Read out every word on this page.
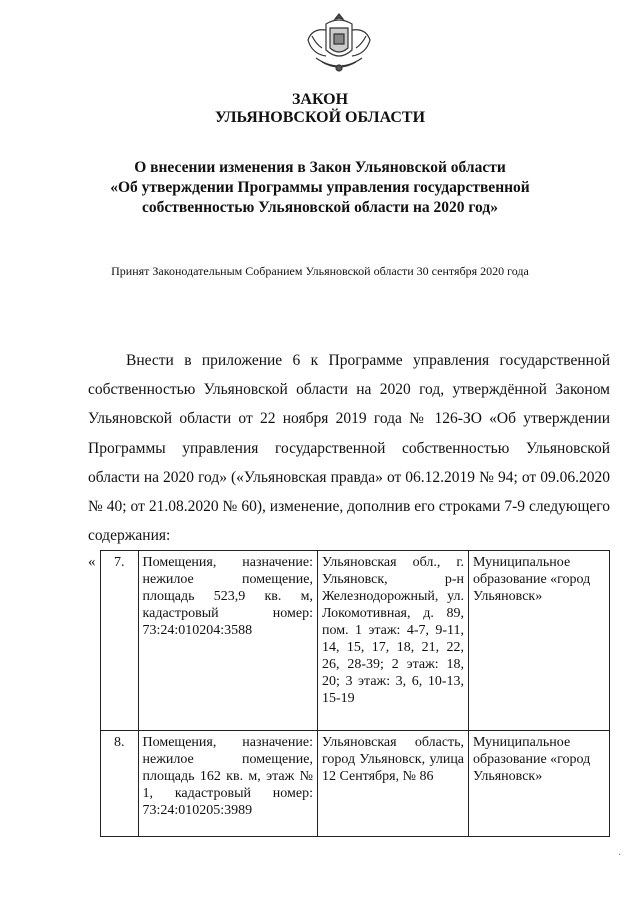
ЗАКОН
УЛЬЯНОВСКОЙ ОБЛАСТИ
О внесении изменения в Закон Ульяновской области
«Об утверждении Программы управления государственной
собственностью Ульяновской области на 2020 год»
Принят Законодательным Собранием Ульяновской области 30 сентября 2020 года
Внести в приложение 6 к Программе управления государственной собственностью Ульяновской области на 2020 год, утверждённой Законом Ульяновской области от 22 ноября 2019 года № 126-ЗО «Об утверждении Программы управления государственной собственностью Ульяновской области на 2020 год» («Ульяновская правда» от 06.12.2019 № 94; от 09.06.2020 № 40; от 21.08.2020 № 60), изменение, дополнив его строками 7-9 следующего содержания:
« 7.	Помещения, назначение: нежилое помещение, площадь 523,9 кв. м, кадастровый номер: 73:24:010204:3588	Ульяновская обл., г. Ульяновск, р-н Железнодорожный, ул. Локомотивная, д. 89, пом. 1 этаж: 4-7, 9-11, 14, 15, 17, 18, 21, 22, 26, 28-39; 2 этаж: 18, 20; 3 этаж: 3, 6, 10-13, 15-19	Муниципальное образование «город Ульяновск»
8.	Помещения, назначение: нежилое помещение, площадь 162 кв. м, этаж № 1, кадастровый номер: 73:24:010205:3989	Ульяновская область, город Ульяновск, улица 12 Сентября, № 86	Муниципальное образование «город Ульяновск»
·
